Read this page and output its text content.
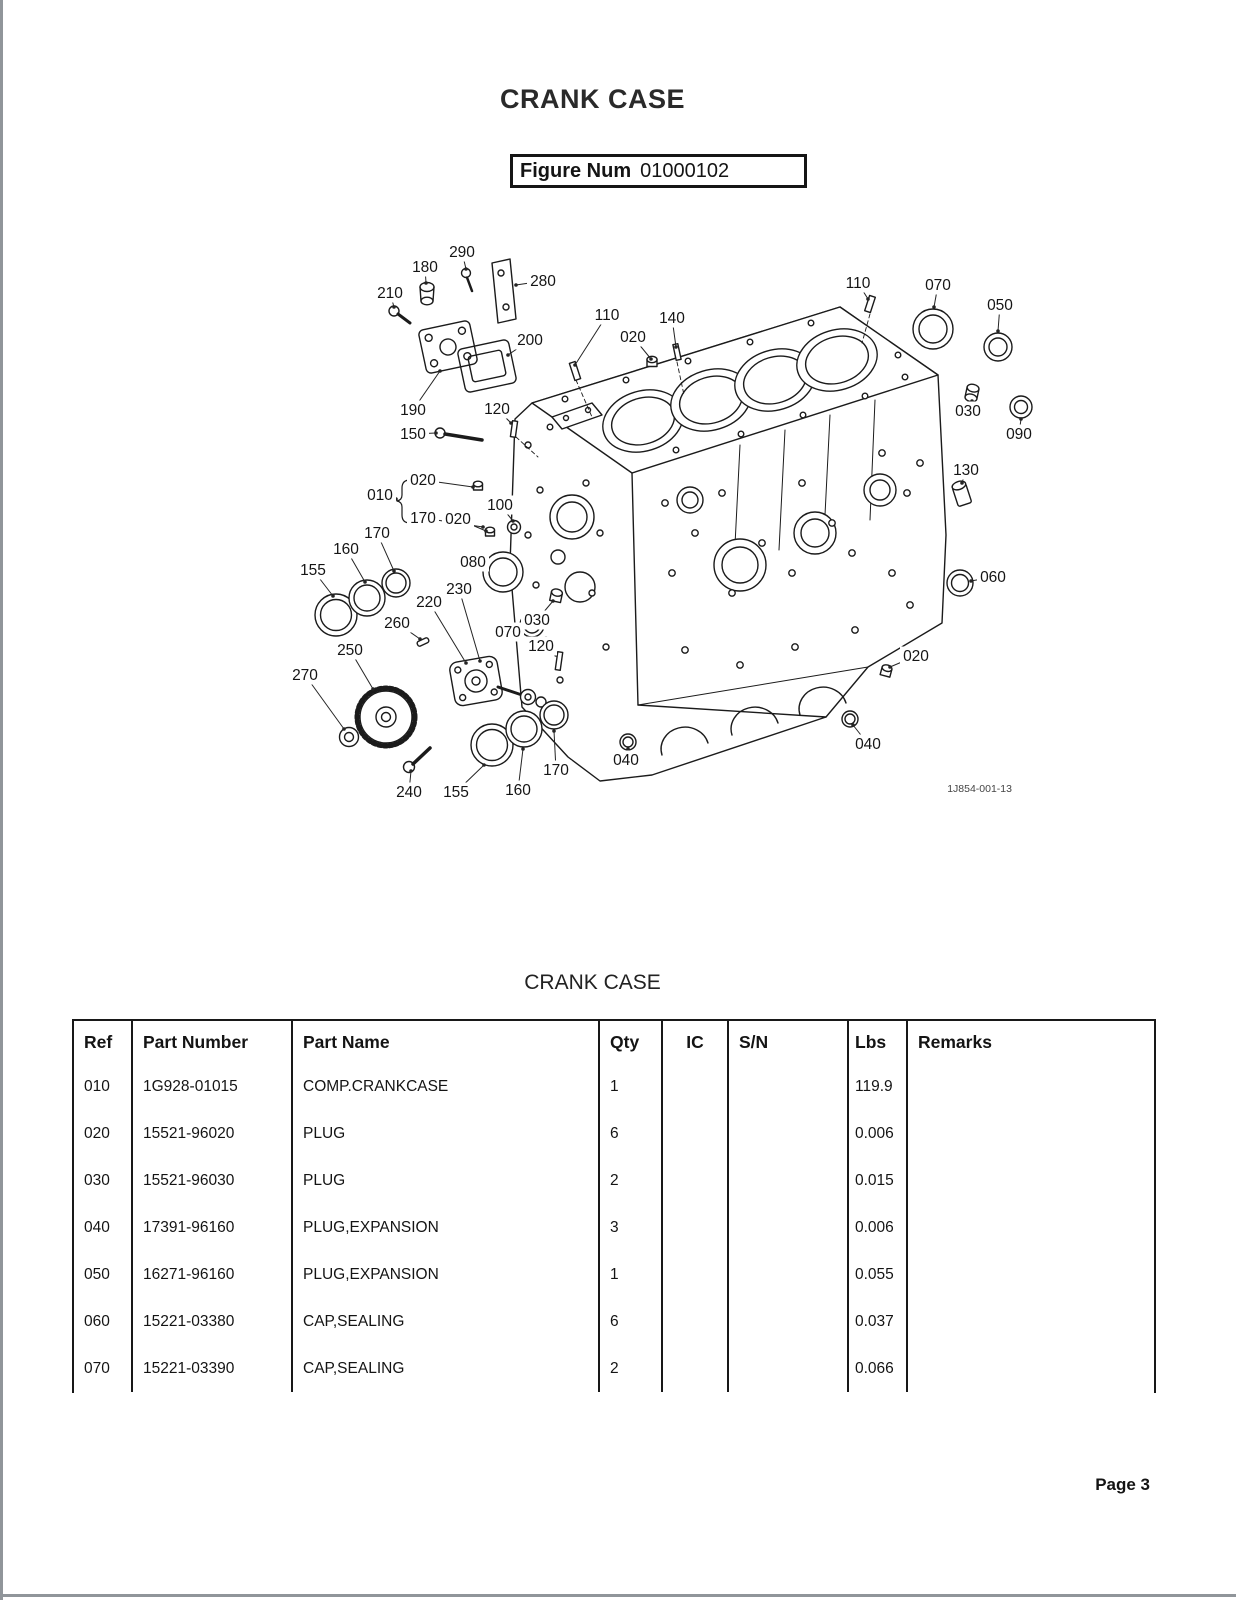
CRANK CASE
Figure Num 01000102
290
180
280
210
110	070
050
110
020
140
200
190	120
150
030
090
010
020
170 020
100
130
170
160
155	080
230
220
060
260	030
070
120
250
270
020
040
040
240 155 160
170
1J854-001-13
CRANK CASE
Ref	Part Number	Part Name	Qty	IC	S/N	Lbs	Remarks
010	1G928-01015	COMP.CRANKCASE	1			119.9	
020	15521-96020	PLUG	6			0.006	
030	15521-96030	PLUG	2			0.015	
040	17391-96160	PLUG,EXPANSION	3			0.006	
050	16271-96160	PLUG,EXPANSION	1			0.055	
060	15221-03380	CAP,SEALING	6			0.037	
070	15221-03390	CAP,SEALING	2			0.066	
Page 3
